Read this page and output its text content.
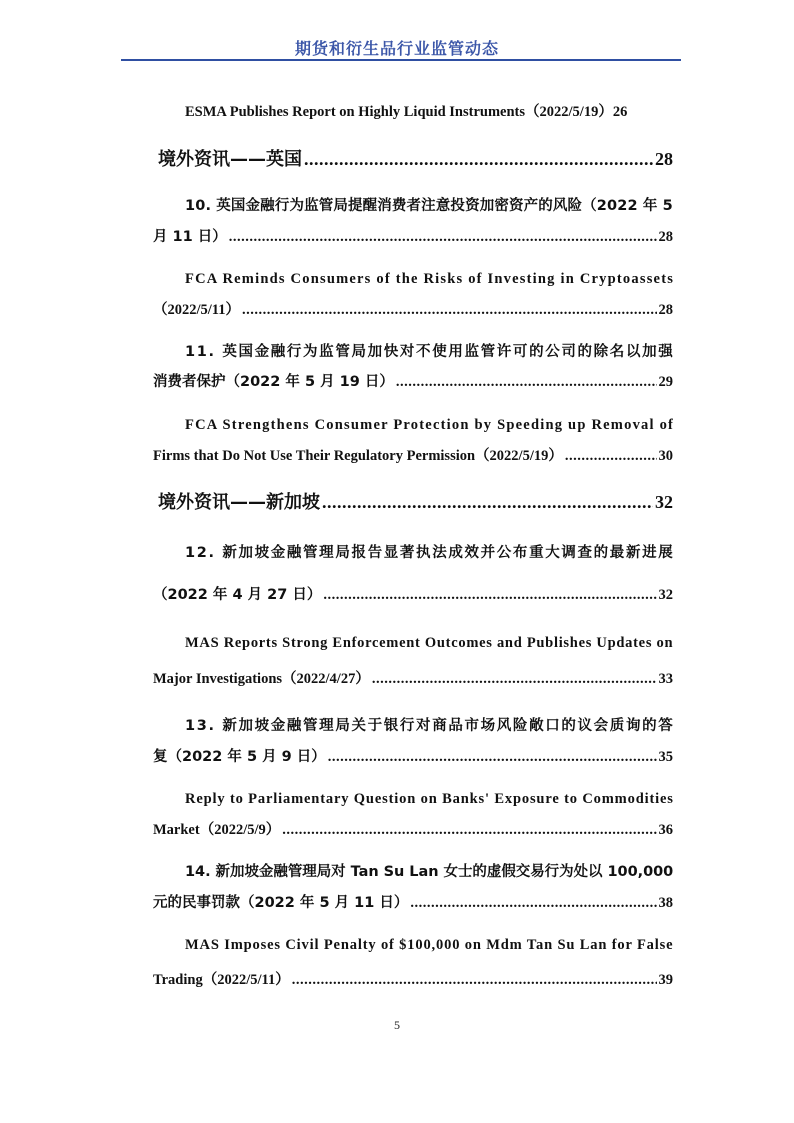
期货和衍生品行业监管动态
ESMA Publishes Report on Highly Liquid Instruments（2022/5/19） 26
境外资讯——英国 .....	28
10. 英国金融行为监管局提醒消费者注意投资加密资产的风险（2022 年 5
月 11 日） .....	28
FCA Reminds Consumers of the Risks of Investing in Cryptoassets
（2022/5/11） .....	28
11. 英国金融行为监管局加快对不使用监管许可的公司的除名以加强
消费者保护（2022 年 5 月 19 日） .....	29
FCA Strengthens Consumer Protection by Speeding up Removal of
Firms that Do Not Use Their Regulatory Permission（2022/5/19） .....	30
境外资讯——新加坡 .....	32
12. 新加坡金融管理局报告显著执法成效并公布重大调查的最新进展
（2022 年 4 月 27 日） .....	32
MAS Reports Strong Enforcement Outcomes and Publishes Updates on
Major Investigations（2022/4/27） .....	33
13. 新加坡金融管理局关于银行对商品市场风险敞口的议会质询的答
复（2022 年 5 月 9 日） .....	35
Reply to Parliamentary Question on Banks' Exposure to Commodities
Market（2022/5/9） .....	36
14. 新加坡金融管理局对 Tan Su Lan 女士的虚假交易行为处以 100,000
元的民事罚款（2022 年 5 月 11 日） .....	38
MAS Imposes Civil Penalty of $100,000 on Mdm Tan Su Lan for False
Trading（2022/5/11） .....	39
5
